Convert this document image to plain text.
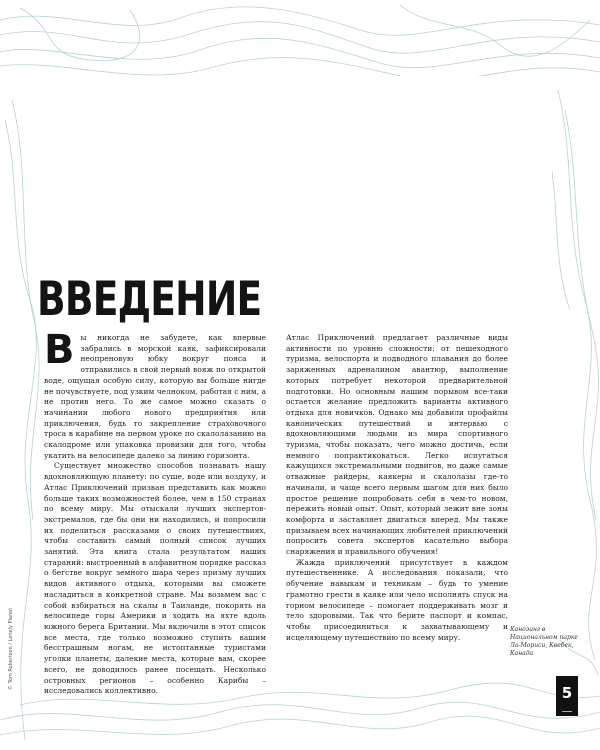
ВВЕДЕНИЕ

Вы никогда не забудете, как впервые забрались в морской каяк, зафиксировали неопреновую юбку вокруг пояса и отправились в свой первый вояж по открытой воде, ощущая особую силу, которую вы больше нигде не почувствуете, под узким челноком, работая с ним, а не против него. То же самое можно сказать о начинании любого нового предприятия или приключения, будь то закрепление страховочного троса в карабине на первом уроке по скалолазанию на скалодроме или упаковка провизии для того, чтобы укатить на велосипеде далеко за линию горизонта.

Существует множество способов познавать нашу вдохновляющую планету: по суше, воде или воздуху, и Атлас Приключений призван представить как можно больше таких возможностей более, чем в 150 странах по всему миру. Мы отыскали лучших экспертов-экстремалов, где бы они ни находились, и попросили их поделиться рассказами о своих путешествиях, чтобы составить самый полный список лучших занятий. Эта книга стала результатом наших стараний: выстроенный в алфавитном порядке рассказ о бегстве вокруг земного шара через призму лучших видов активного отдыха, которыми вы сможете насладиться в конкретной стране. Мы возьмем вас с собой взбираться на скалы в Таиланде, покорять на велосипеде горы Америки и ходить на яхте вдоль южного берега Британии. Мы включили в этот список все места, где только возможно ступить вашим бесстрашным ногам, не истоптанные туристами уголки планеты, далекие места, которые вам, скорее всего, не доводилось ранее посещать. Несколько островных регионов – особенно Карибы – исследовались коллективно.

Атлас Приключений предлагает различные виды активности по уровню сложности: от пешеходного туризма, велоспорта и подводного плавания до более заряженных адреналином авантюр, выполнение которых потребует некоторой предварительной подготовки. Но основным нашим порывом все-таки остается желание предложить варианты активного отдыха для новичков. Однако мы добавили профайлы канонических путешествий и интервью с вдохновляющими людьми из мира спортивного туризма, чтобы показать, чего можно достичь, если немного попрактиковаться. Легко испугаться кажущихся экстремальными подвигов, но даже самые отважные райдеры, каякеры и скалолазы где-то начинали, и чаще всего первым шагом для них было простое решение попробовать себя в чем-то новом, пережить новый опыт. Опыт, который лежит вне зоны комфорта и заставляет двигаться вперед. Мы также призываем всех начинающих любителей приключений попросить совета экспертов касательно выбора снаряжения и правильного обучения!

Жажда приключений присутствует в каждом путешественнике. А исследования показали, что обучение навыкам и техникам – будь то умение грамотно грести в каяке или чело исполнять спуск на горном велосипеде – помогает поддерживать мозг и тело здоровыми. Так что берите паспорт и компас, чтобы присоединиться к захватывающему и исцеляющему путешествию по всему миру.

© Tom Robertson / Lonely Planet	Каноэинг в Национальном парке Ла-Мориси, Квебек, Канада
5
